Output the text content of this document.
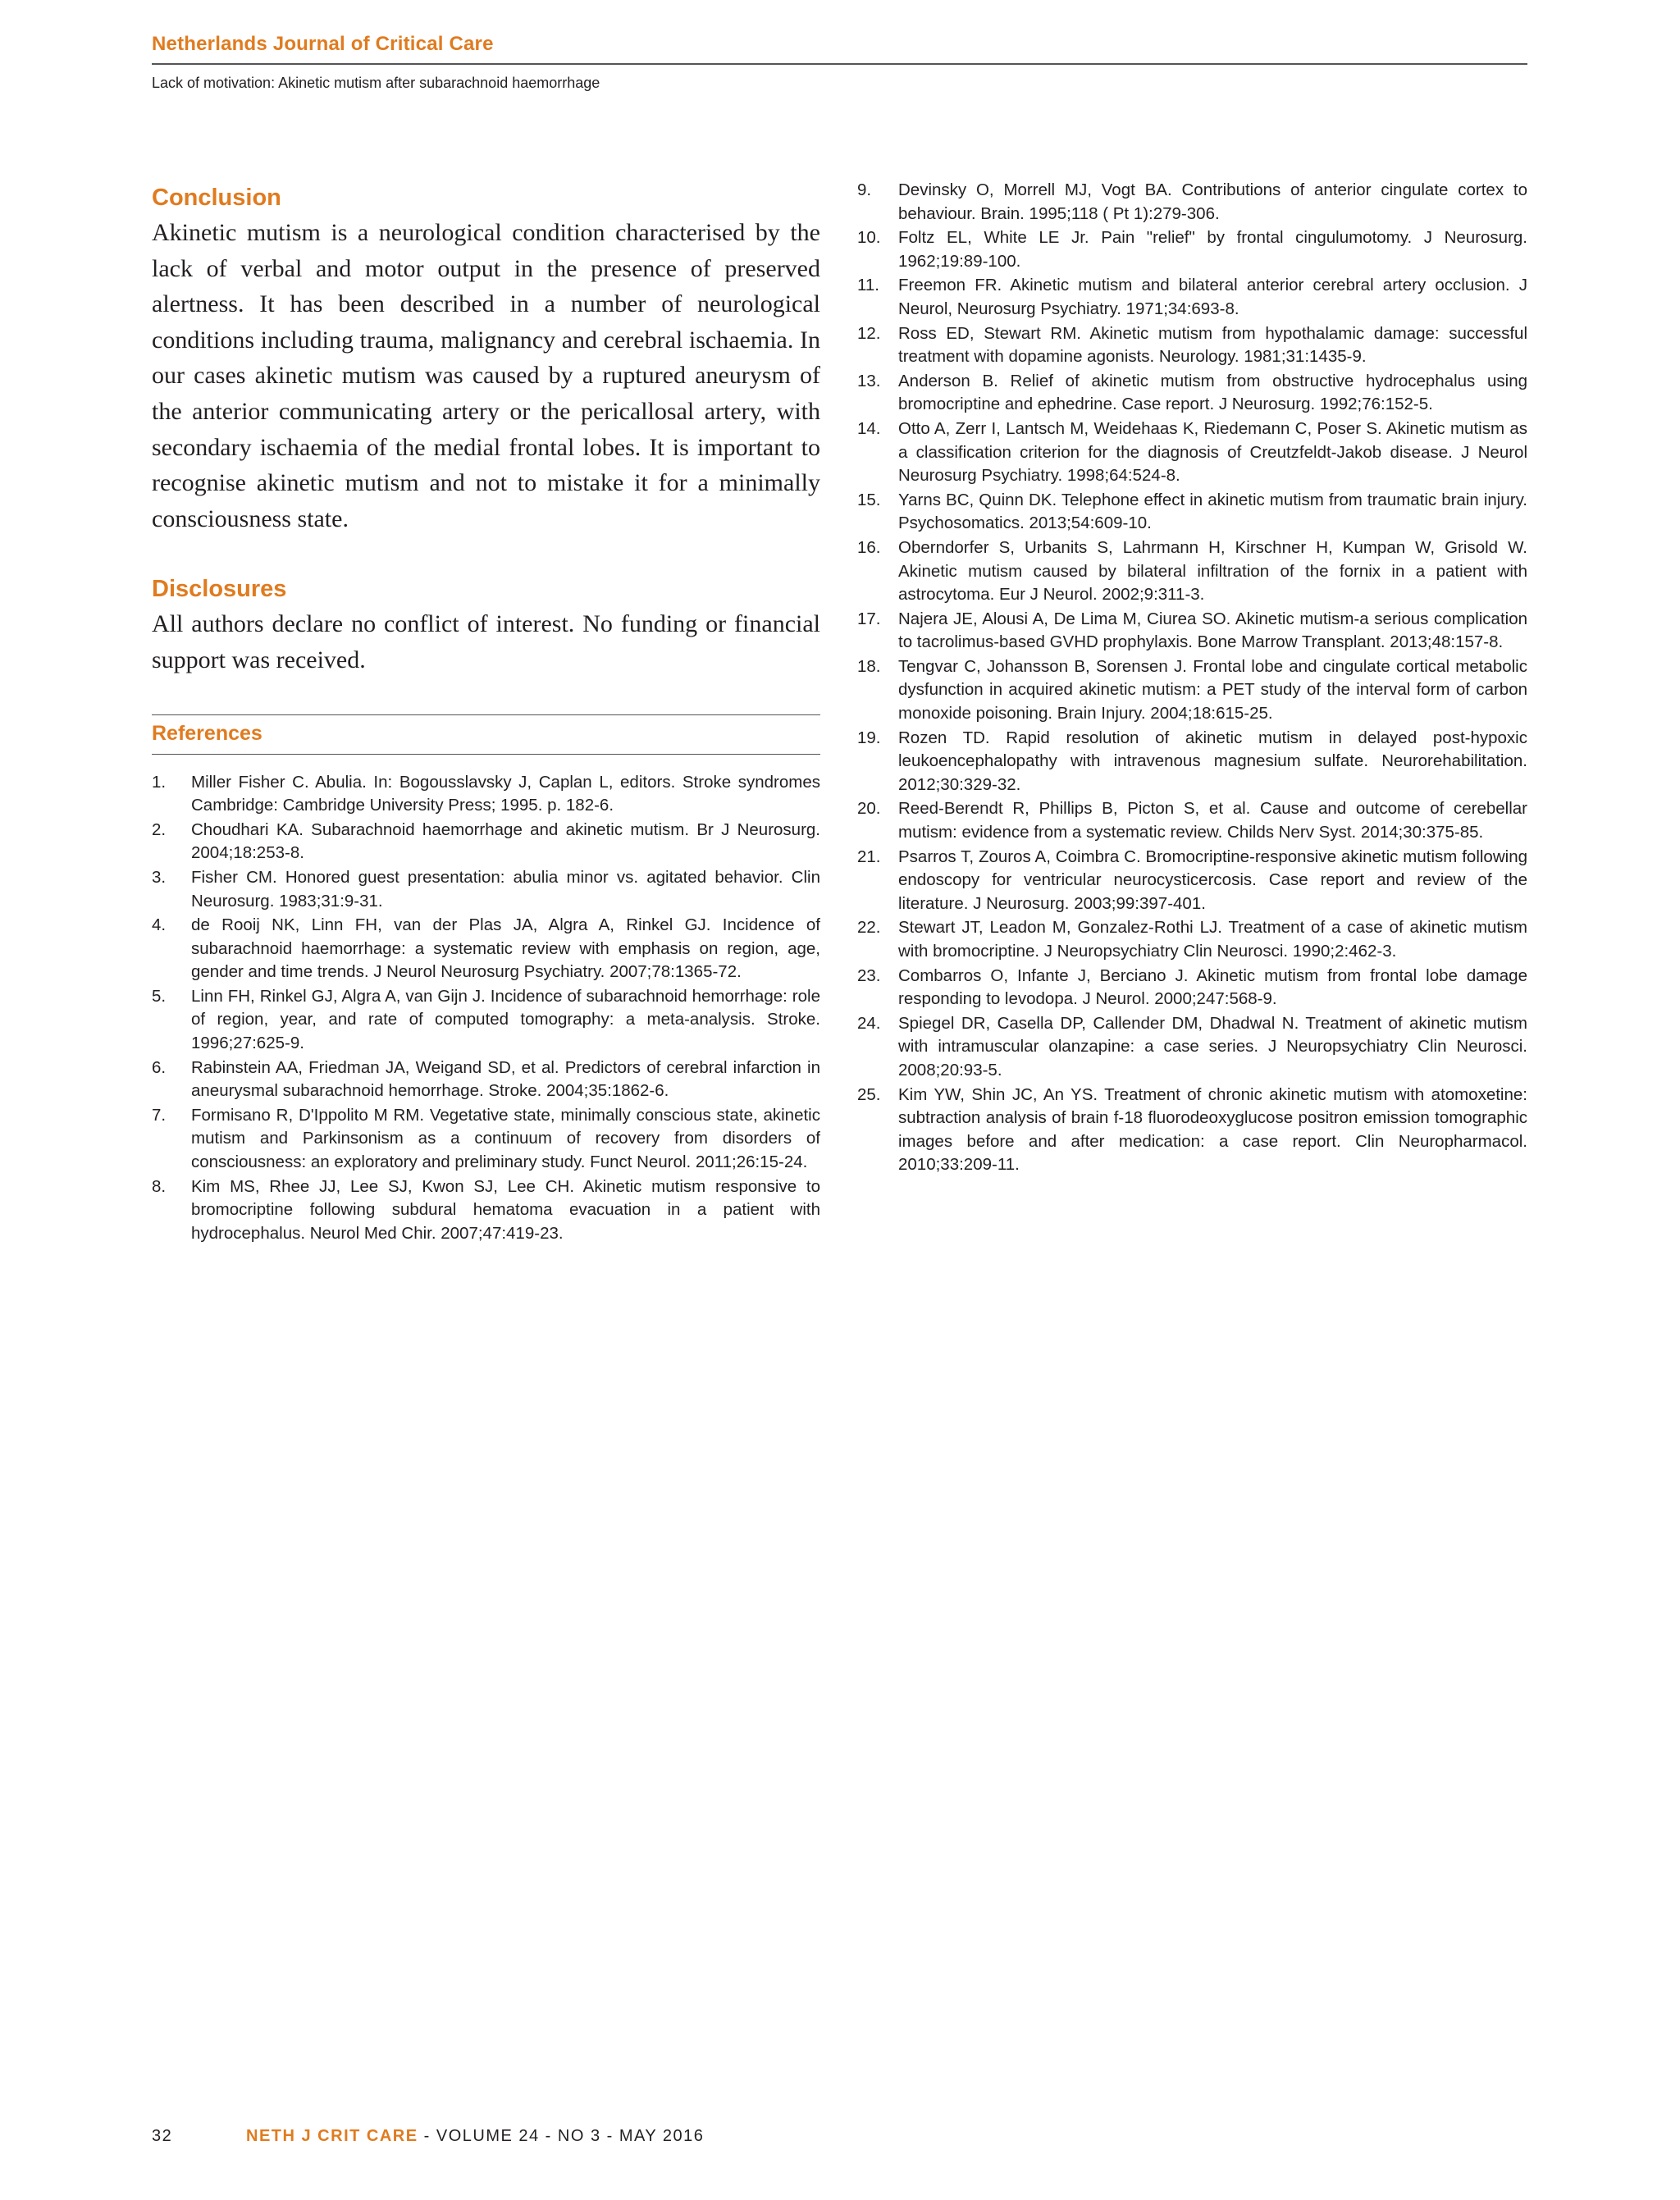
Netherlands Journal of Critical Care
Lack of motivation: Akinetic mutism after subarachnoid haemorrhage
Conclusion

Akinetic mutism is a neurological condition characterised by the lack of verbal and motor output in the presence of preserved alertness. It has been described in a number of neurological conditions including trauma, malignancy and cerebral ischaemia. In our cases akinetic mutism was caused by a ruptured aneurysm of the anterior communicating artery or the pericallosal artery, with secondary ischaemia of the medial frontal lobes. It is important to recognise akinetic mutism and not to mistake it for a minimally consciousness state.

Disclosures

All authors declare no conflict of interest. No funding or financial support was received.

References
1.	Miller Fisher C. Abulia. In: Bogousslavsky J, Caplan L, editors. Stroke syndromes Cambridge: Cambridge University Press; 1995. p. 182-6.
2.	Choudhari KA. Subarachnoid haemorrhage and akinetic mutism. Br J Neurosurg. 2004;18:253-8.
3.	Fisher CM. Honored guest presentation: abulia minor vs. agitated behavior. Clin Neurosurg. 1983;31:9-31.
4.	de Rooij NK, Linn FH, van der Plas JA, Algra A, Rinkel GJ. Incidence of subarachnoid haemorrhage: a systematic review with emphasis on region, age, gender and time trends. J Neurol Neurosurg Psychiatry. 2007;78:1365-72.
5.	Linn FH, Rinkel GJ, Algra A, van Gijn J. Incidence of subarachnoid hemorrhage: role of region, year, and rate of computed tomography: a meta-analysis. Stroke. 1996;27:625-9.
6.	Rabinstein AA, Friedman JA, Weigand SD, et al. Predictors of cerebral infarction in aneurysmal subarachnoid hemorrhage. Stroke. 2004;35:1862-6.
7.	Formisano R, D'Ippolito M RM. Vegetative state, minimally conscious state, akinetic mutism and Parkinsonism as a continuum of recovery from disorders of consciousness: an exploratory and preliminary study. Funct Neurol. 2011;26:15-24.
8.	Kim MS, Rhee JJ, Lee SJ, Kwon SJ, Lee CH. Akinetic mutism responsive to bromocriptine following subdural hematoma evacuation in a patient with hydrocephalus. Neurol Med Chir. 2007;47:419-23.
9.	Devinsky O, Morrell MJ, Vogt BA. Contributions of anterior cingulate cortex to behaviour. Brain. 1995;118 ( Pt 1):279-306.
10.	Foltz EL, White LE Jr. Pain "relief" by frontal cingulumotomy. J Neurosurg. 1962;19:89-100.
11.	Freemon FR. Akinetic mutism and bilateral anterior cerebral artery occlusion. J Neurol, Neurosurg Psychiatry. 1971;34:693-8.
12.	Ross ED, Stewart RM. Akinetic mutism from hypothalamic damage: successful treatment with dopamine agonists. Neurology. 1981;31:1435-9.
13.	Anderson B. Relief of akinetic mutism from obstructive hydrocephalus using bromocriptine and ephedrine. Case report. J Neurosurg. 1992;76:152-5.
14.	Otto A, Zerr I, Lantsch M, Weidehaas K, Riedemann C, Poser S. Akinetic mutism as a classification criterion for the diagnosis of Creutzfeldt-Jakob disease. J Neurol Neurosurg Psychiatry. 1998;64:524-8.
15.	Yarns BC, Quinn DK. Telephone effect in akinetic mutism from traumatic brain injury. Psychosomatics. 2013;54:609-10.
16.	Oberndorfer S, Urbanits S, Lahrmann H, Kirschner H, Kumpan W, Grisold W. Akinetic mutism caused by bilateral infiltration of the fornix in a patient with astrocytoma. Eur J Neurol. 2002;9:311-3.
17.	Najera JE, Alousi A, De Lima M, Ciurea SO. Akinetic mutism-a serious complication to tacrolimus-based GVHD prophylaxis. Bone Marrow Transplant. 2013;48:157-8.
18.	Tengvar C, Johansson B, Sorensen J. Frontal lobe and cingulate cortical metabolic dysfunction in acquired akinetic mutism: a PET study of the interval form of carbon monoxide poisoning. Brain Injury. 2004;18:615-25.
19.	Rozen TD. Rapid resolution of akinetic mutism in delayed post-hypoxic leukoencephalopathy with intravenous magnesium sulfate. Neurorehabilitation. 2012;30:329-32.
20.	Reed-Berendt R, Phillips B, Picton S, et al. Cause and outcome of cerebellar mutism: evidence from a systematic review. Childs Nerv Syst. 2014;30:375-85.
21.	Psarros T, Zouros A, Coimbra C. Bromocriptine-responsive akinetic mutism following endoscopy for ventricular neurocysticercosis. Case report and review of the literature. J Neurosurg. 2003;99:397-401.
22.	Stewart JT, Leadon M, Gonzalez-Rothi LJ. Treatment of a case of akinetic mutism with bromocriptine. J Neuropsychiatry Clin Neurosci. 1990;2:462-3.
23.	Combarros O, Infante J, Berciano J. Akinetic mutism from frontal lobe damage responding to levodopa. J Neurol. 2000;247:568-9.
24.	Spiegel DR, Casella DP, Callender DM, Dhadwal N. Treatment of akinetic mutism with intramuscular olanzapine: a case series. J Neuropsychiatry Clin Neurosci. 2008;20:93-5.
25.	Kim YW, Shin JC, An YS. Treatment of chronic akinetic mutism with atomoxetine: subtraction analysis of brain f-18 fluorodeoxyglucose positron emission tomographic images before and after medication: a case report. Clin Neuropharmacol. 2010;33:209-11.
32	NETH J CRIT CARE - VOLUME 24 - NO 3 - MAY 2016
